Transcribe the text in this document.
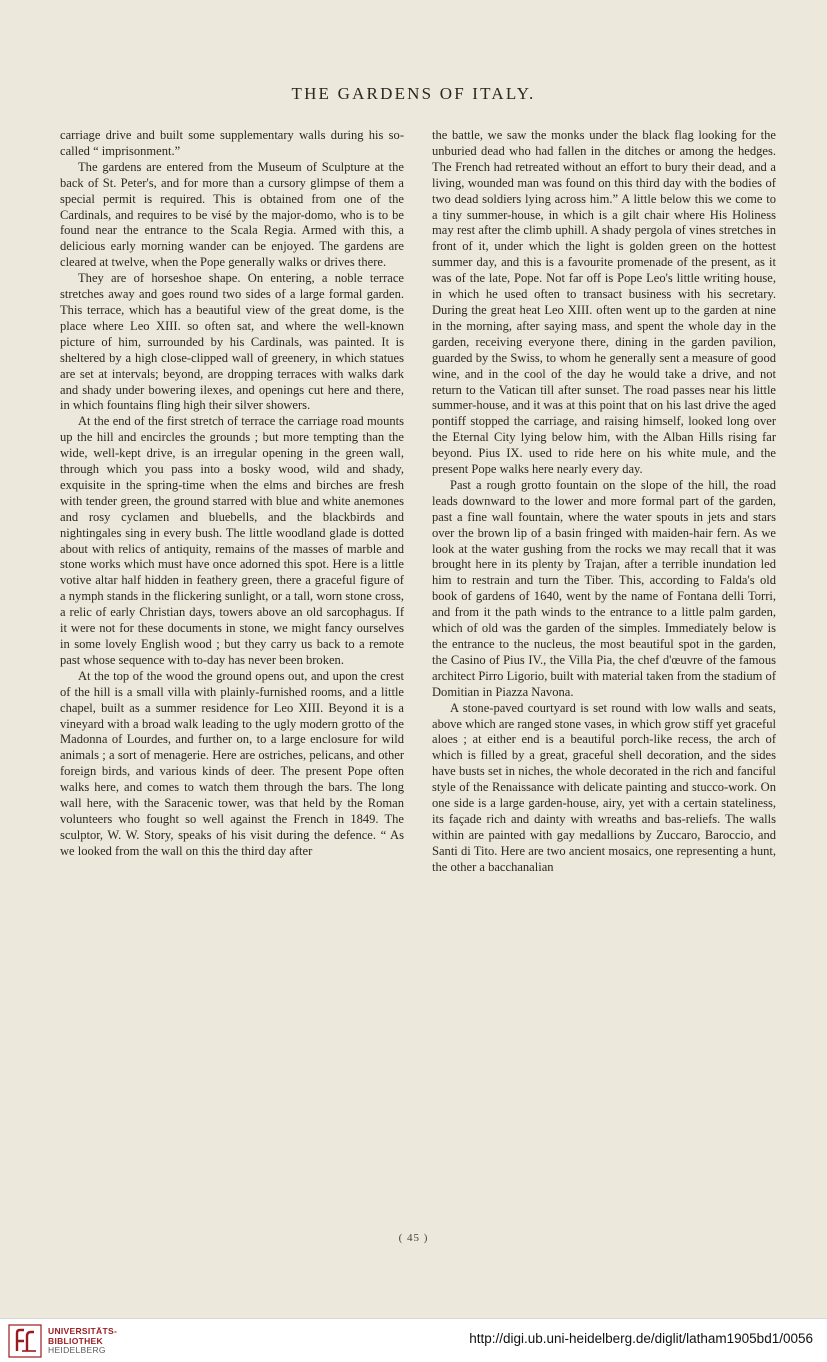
THE GARDENS OF ITALY.

carriage drive and built some supplementary walls during his so-called “ imprisonment.”

The gardens are entered from the Museum of Sculpture at the back of St. Peter's, and for more than a cursory glimpse of them a special permit is required. This is obtained from one of the Cardinals, and requires to be visé by the major-domo, who is to be found near the entrance to the Scala Regia. Armed with this, a delicious early morning wander can be enjoyed. The gardens are cleared at twelve, when the Pope generally walks or drives there.

They are of horseshoe shape. On entering, a noble terrace stretches away and goes round two sides of a large formal garden. This terrace, which has a beautiful view of the great dome, is the place where Leo XIII. so often sat, and where the well-known picture of him, surrounded by his Cardinals, was painted. It is sheltered by a high close-clipped wall of greenery, in which statues are set at intervals; beyond, are dropping terraces with walks dark and shady under bowering ilexes, and openings cut here and there, in which fountains fling high their silver showers.

At the end of the first stretch of terrace the carriage road mounts up the hill and encircles the grounds ; but more tempting than the wide, well-kept drive, is an irregular opening in the green wall, through which you pass into a bosky wood, wild and shady, exquisite in the spring-time when the elms and birches are fresh with tender green, the ground starred with blue and white anemones and rosy cyclamen and bluebells, and the blackbirds and nightingales sing in every bush. The little woodland glade is dotted about with relics of antiquity, remains of the masses of marble and stone works which must have once adorned this spot. Here is a little votive altar half hidden in feathery green, there a graceful figure of a nymph stands in the flickering sunlight, or a tall, worn stone cross, a relic of early Christian days, towers above an old sarcophagus. If it were not for these documents in stone, we might fancy ourselves in some lovely English wood ; but they carry us back to a remote past whose sequence with to-day has never been broken.

At the top of the wood the ground opens out, and upon the crest of the hill is a small villa with plainly-furnished rooms, and a little chapel, built as a summer residence for Leo XIII. Beyond it is a vineyard with a broad walk leading to the ugly modern grotto of the Madonna of Lourdes, and further on, to a large enclosure for wild animals ; a sort of menagerie. Here are ostriches, pelicans, and other foreign birds, and various kinds of deer. The present Pope often walks here, and comes to watch them through the bars. The long wall here, with the Saracenic tower, was that held by the Roman volunteers who fought so well against the French in 1849. The sculptor, W. W. Story, speaks of his visit during the defence. “ As we looked from the wall on this the third day after

the battle, we saw the monks under the black flag looking for the unburied dead who had fallen in the ditches or among the hedges. The French had retreated without an effort to bury their dead, and a living, wounded man was found on this third day with the bodies of two dead soldiers lying across him.” A little below this we come to a tiny summer-house, in which is a gilt chair where His Holiness may rest after the climb uphill. A shady pergola of vines stretches in front of it, under which the light is golden green on the hottest summer day, and this is a favourite promenade of the present, as it was of the late, Pope. Not far off is Pope Leo's little writing house, in which he used often to transact business with his secretary. During the great heat Leo XIII. often went up to the garden at nine in the morning, after saying mass, and spent the whole day in the garden, receiving everyone there, dining in the garden pavilion, guarded by the Swiss, to whom he generally sent a measure of good wine, and in the cool of the day he would take a drive, and not return to the Vatican till after sunset. The road passes near his little summer-house, and it was at this point that on his last drive the aged pontiff stopped the carriage, and raising himself, looked long over the Eternal City lying below him, with the Alban Hills rising far beyond. Pius IX. used to ride here on his white mule, and the present Pope walks here nearly every day.

Past a rough grotto fountain on the slope of the hill, the road leads downward to the lower and more formal part of the garden, past a fine wall fountain, where the water spouts in jets and stars over the brown lip of a basin fringed with maiden-hair fern. As we look at the water gushing from the rocks we may recall that it was brought here in its plenty by Trajan, after a terrible inundation led him to restrain and turn the Tiber. This, according to Falda's old book of gardens of 1640, went by the name of Fontana delli Torri, and from it the path winds to the entrance to a little palm garden, which of old was the garden of the simples. Immediately below is the entrance to the nucleus, the most beautiful spot in the garden, the Casino of Pius IV., the Villa Pia, the chef d'œuvre of the famous architect Pirro Ligorio, built with material taken from the stadium of Domitian in Piazza Navona.

A stone-paved courtyard is set round with low walls and seats, above which are ranged stone vases, in which grow stiff yet graceful aloes ; at either end is a beautiful porch-like recess, the arch of which is filled by a great, graceful shell decoration, and the sides have busts set in niches, the whole decorated in the rich and fanciful style of the Renaissance with delicate painting and stucco-work. On one side is a large garden-house, airy, yet with a certain stateliness, its façade rich and dainty with wreaths and bas-reliefs. The walls within are painted with gay medallions by Zuccaro, Baroccio, and Santi di Tito. Here are two ancient mosaics, one representing a hunt, the other a bacchanalian

( 45 )
UNIVERSITÄTS-
BIBLIOTHEK
HEIDELBERG
http://digi.ub.uni-heidelberg.de/diglit/latham1905bd1/0056
